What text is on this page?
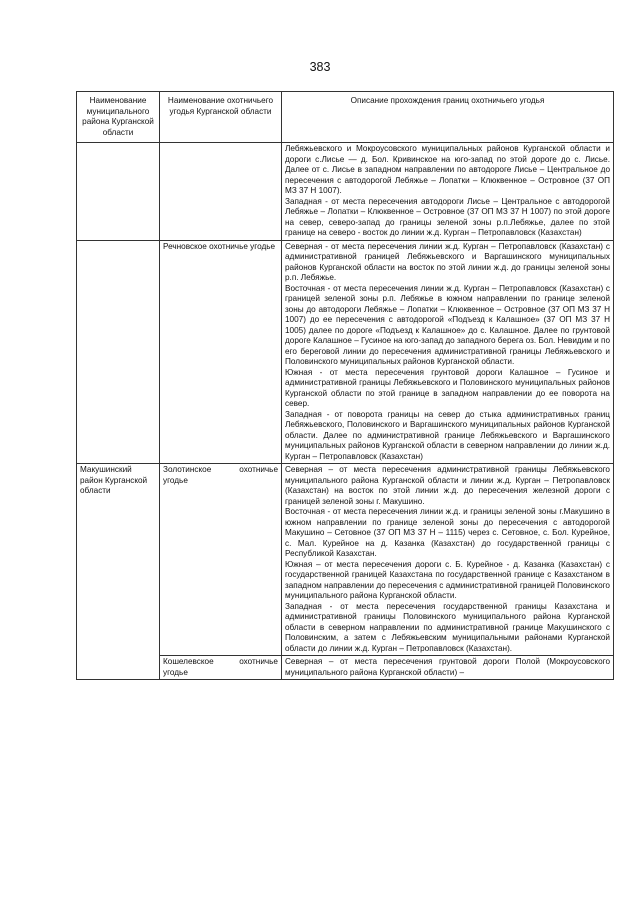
383
Наименование муниципального района Курганской области	Наименование охотничьего угодья Курганской области	Описание прохождения границ охотничьего угодья

		Лебяжьевского и Мокроусовского муниципальных районов Курганской области и дороги с.Лисье — д. Бол. Кривинское на юго-запад по этой дороге до с. Лисье. Далее от с. Лисье в западном направлении по автодороге Лисье – Центральное до пересечения с автодорогой Лебяжье – Лопатки – Клюквенное – Островное (37 ОП МЗ 37 Н 1007).

Западная - от места пересечения автодороги Лисье – Центральное с автодорогой Лебяжье – Лопатки – Клюквенное – Островное (37 ОП МЗ 37 Н 1007) по этой дороге на север, северо-запад до границы зеленой зоны р.п.Лебяжье, далее по этой границе на северо - восток до линии ж.д. Курган – Петропавловск (Казахстан)

	Речновское охотничье угодье	Северная - от места пересечения линии ж.д. Курган – Петропавловск (Казахстан) с административной границей Лебяжьевского и Варгашинского муниципальных районов Курганской области на восток по этой линии ж.д. до границы зеленой зоны р.п. Лебяжье.

Восточная - от места пересечения линии ж.д. Курган – Петропавловск (Казахстан) с границей зеленой зоны р.п. Лебяжье в южном направлении по границе зеленой зоны до автодороги Лебяжье – Лопатки – Клюквенное – Островное (37 ОП МЗ 37 Н 1007) до ее пересечения с автодорогой «Подъезд к Калашное» (37 ОП МЗ 37 Н 1005) далее по дороге «Подъезд к Калашное» до с. Калашное. Далее по грунтовой дороге Калашное – Гусиное на юго-запад до западного берега оз. Бол. Невидим и по его береговой линии до пересечения административной границы Лебяжьевского и Половинского муниципальных районов Курганской области.

Южная - от места пересечения грунтовой дороги Калашное – Гусиное и административной границы Лебяжьевского и Половинского муниципальных районов Курганской области по этой границе в западном направлении до ее поворота на север.

Западная - от поворота границы на север до стыка административных границ Лебяжьевского, Половинского и Варгашинского муниципальных районов Курганской области. Далее по административной границе Лебяжьевского и Варгашинского муниципальных районов Курганской области в северном направлении до линии ж.д. Курган – Петропавловск (Казахстан)

Макушинский район Курганской области	Золотинское охотничье угодье	Северная – от места пересечения административной границы Лебяжьевского муниципального района Курганской области и линии ж.д. Курган – Петропавловск (Казахстан) на восток по этой линии ж.д. до пересечения железной дороги с границей зеленой зоны г. Макушино.

Восточная - от места пересечения линии ж.д. и границы зеленой зоны г.Макушино в южном направлении по границе зеленой зоны до пересечения с автодорогой Макушино – Сетовное (37 ОП МЗ 37 Н – 1115) через с. Сетовное, с. Бол. Курейное, с. Мал. Курейное на д. Казанка (Казахстан) до государственной границы с Республикой Казахстан.

Южная – от места пересечения дороги с. Б. Курейное - д. Казанка (Казахстан) с государственной границей Казахстана по государственной границе с Казахстаном в западном направлении до пересечения с административной границей Половинского муниципального района Курганской области.

Западная - от места пересечения государственной границы Казахстана и административной границы Половинского муниципального района Курганской области в северном направлении по административной границе Макушинского с Половинским, а затем с Лебяжьевским муниципальными районами Курганской области до линии ж.д. Курган – Петропавловск (Казахстан).

	Кошелевское охотничье угодье	Северная – от места пересечения грунтовой дороги Полой (Мокроусовского муниципального района Курганской области) –
